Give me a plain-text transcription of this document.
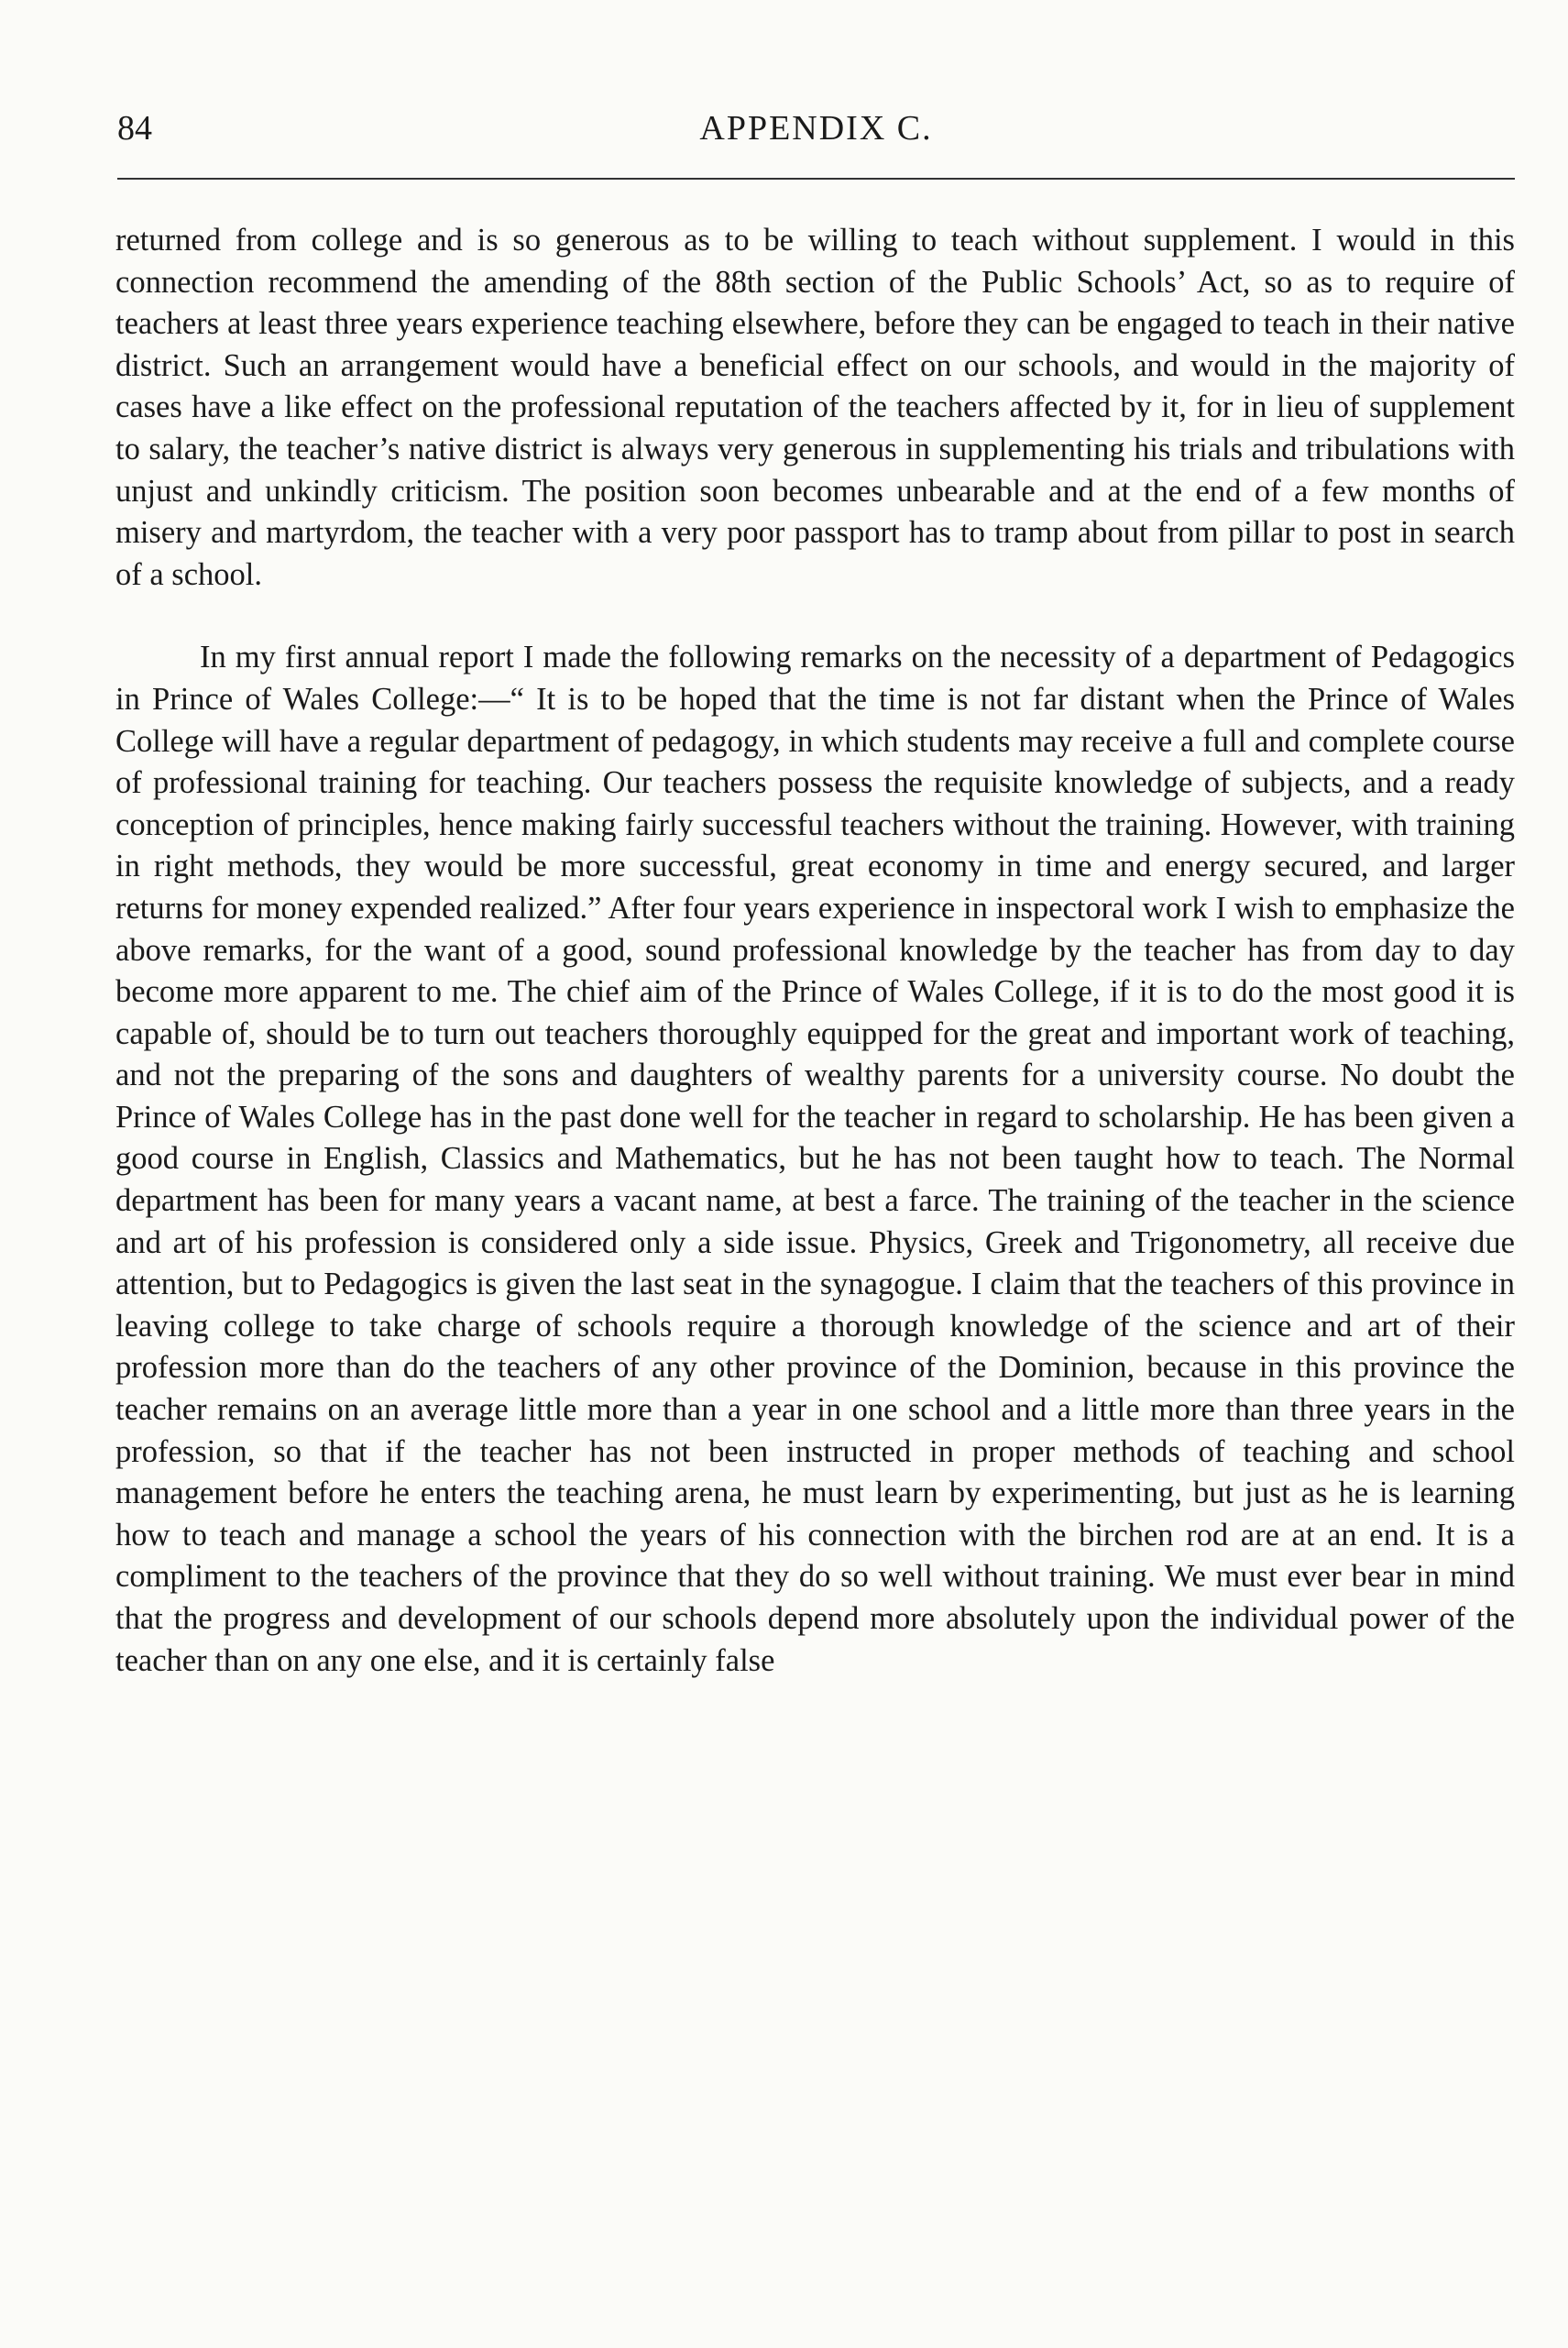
84	APPENDIX C.

returned from college and is so generous as to be willing to teach without supplement. I would in this connection recommend the amending of the 88th section of the Public Schools’ Act, so as to require of teachers at least three years experience teaching elsewhere, before they can be engaged to teach in their native district. Such an arrangement would have a beneficial effect on our schools, and would in the majority of cases have a like effect on the professional reputation of the teachers affected by it, for in lieu of supplement to salary, the teacher’s native district is always very generous in supplementing his trials and tribulations with unjust and unkindly criticism. The position soon becomes unbearable and at the end of a few months of misery and martyrdom, the teacher with a very poor passport has to tramp about from pillar to post in search of a school.

In my first annual report I made the following remarks on the necessity of a department of Pedagogics in Prince of Wales College:—“ It is to be hoped that the time is not far distant when the Prince of Wales College will have a regular department of pedagogy, in which students may receive a full and complete course of professional training for teaching. Our teachers possess the requisite knowledge of subjects, and a ready conception of principles, hence making fairly successful teachers without the training. However, with training in right methods, they would be more successful, great economy in time and energy secured, and larger returns for money expended realized.” After four years experience in inspectoral work I wish to emphasize the above remarks, for the want of a good, sound professional knowledge by the teacher has from day to day become more apparent to me. The chief aim of the Prince of Wales College, if it is to do the most good it is capable of, should be to turn out teachers thoroughly equipped for the great and important work of teaching, and not the preparing of the sons and daughters of wealthy parents for a university course. No doubt the Prince of Wales College has in the past done well for the teacher in regard to scholarship. He has been given a good course in English, Classics and Mathematics, but he has not been taught how to teach. The Normal department has been for many years a vacant name, at best a farce. The training of the teacher in the science and art of his profession is considered only a side issue. Physics, Greek and Trigonometry, all receive due attention, but to Pedagogics is given the last seat in the synagogue. I claim that the teachers of this province in leaving college to take charge of schools require a thorough knowledge of the science and art of their profession more than do the teachers of any other province of the Dominion, because in this province the teacher remains on an average little more than a year in one school and a little more than three years in the profession, so that if the teacher has not been instructed in proper methods of teaching and school management before he enters the teaching arena, he must learn by experimenting, but just as he is learning how to teach and manage a school the years of his connection with the birchen rod are at an end. It is a compliment to the teachers of the province that they do so well without training. We must ever bear in mind that the progress and development of our schools depend more absolutely upon the individual power of the teacher than on any one else, and it is certainly false
